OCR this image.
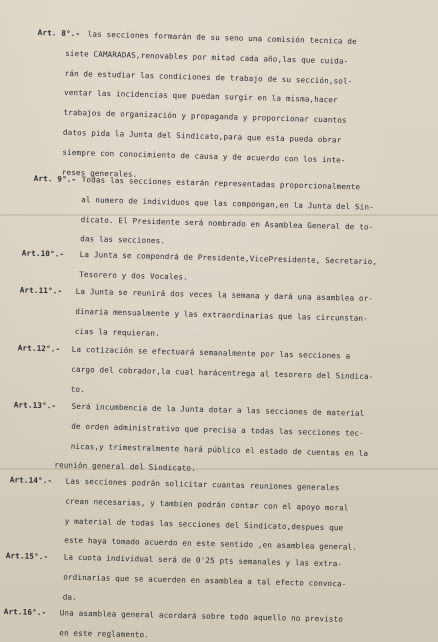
Art. 8°.- las secciones formarán de su seno una comisión tecnica de
siete CAMARADAS,renovables por mitad cada año,las que cuida-
rán de estudiar las condiciones de trabajo de su sección,sol-
ventar las incidencias que puedan surgir en la misma,hacer
trabajos de organización y propaganda y proporcionar cuantos
datos pida la Junta del Sindicato,para que esta pueda obrar
siempre con conocimiento de causa y de acuerdo con los inte-
reses generales.
Art. 9°.- Todas las secciones estarán representadas proporcionalmente
al numero de individuos que las compongan,en la Junta del Sin-
dicato. El Presidente será nombrado en Asamblea General de to-
das las secciones.
Art.10°.- La Junta se compondrá de Presidente,VicePresidente, Secretario,
Tesorero y dos Vocales.
Art.11°.- La Junta se reunirá dos veces la semana y dará una asamblea or-
dinaria mensualmente y las extraordinarias que las circunstan-
cias la requieran.
Art.12°.- La cotización se efectuará semanalmente por las secciones a
cargo del cobrador,la cual harácentrega al tesorero del Sindica-
to.
Art.13°.- Será incumbencia de la Junta dotar a las secciones de material
de orden administrativo que precisa a todas las secciones tec-
nicas,y trimestralmente hará público el estado de cuentas en la
reunión general del Sindicato.
Art.14°.- Las secciones podrán solicitar cuantas reuniones generales
crean necesarias, y tambien podrán contar con el apoyo moral
y material de todas las secciones del Sindicato,despues que
este haya tomado acuerdo en este sentido ,en asamblea general.
Art.15°.- La cuota individual será de 0'25 pts semanales y las extra-
ordinarias que se acuerden en asamblea a tal efecto convoca-
da.
Art.16°.- Una asamblea general acordará sobre todo aquello no previsto
en este reglamento.
